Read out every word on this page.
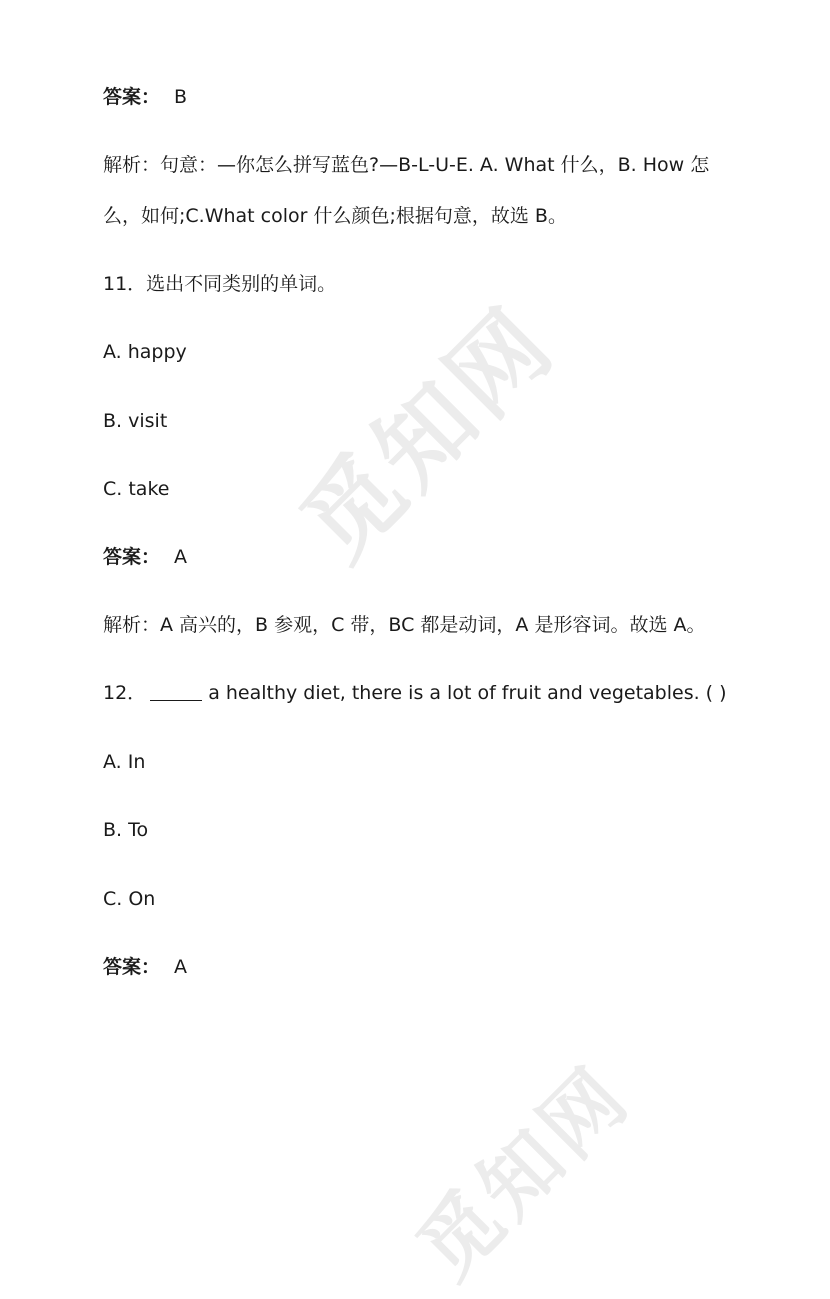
觅知网
觅知网
答案： B
解析：句意：—你怎么拼写蓝色?—B-L-U-E. A. What 什么，B. How 怎
么，如何;C.What color 什么颜色;根据句意，故选 B。
11．选出不同类别的单词。
A. happy
B. visit
C. take
答案： A
解析：A 高兴的，B 参观，C 带，BC 都是动词，A 是形容词。故选 A。
12．	a healthy diet, there is a lot of fruit and vegetables. ( )
A. In
B. To
C. On
答案： A
